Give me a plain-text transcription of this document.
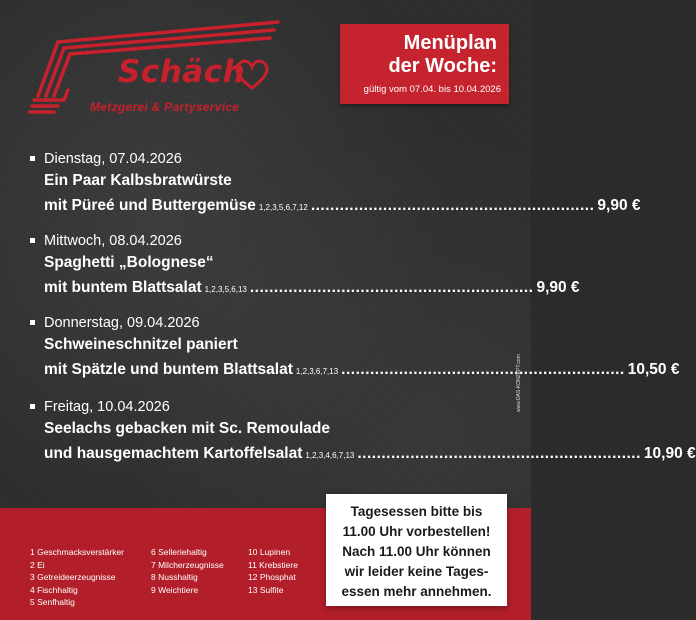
Schäch
Metzgerei & Partyservice
Menüplan
der Woche:
gültig vom 07.04. bis 10.04.2026
Dienstag, 07.04.2026
Ein Paar Kalbsbratwürste
mit Püreé und Buttergemüse 1,2,3,5,6,7,12 ........................................................... 9,90 €
Mittwoch, 08.04.2026
Spaghetti „Bolognese“
mit buntem Blattsalat 1,2,3,5,6,13 ........................................................... 9,90 €
Donnerstag, 09.04.2026
Schweineschnitzel paniert
mit Spätzle und buntem Blattsalat 1,2,3,6,7,13 ........................................................... 10,50 €
Freitag, 10.04.2026
Seelachs gebacken mit Sc. Remoulade
und hausgemachtem Kartoffelsalat 1,2,3,4,6,7,13 ........................................................... 10,90 €
www.DAS-KONZEPT.com
1 Geschmacksverstärker
2 Ei
3 Getreideerzeugnisse
4 Fischhaltig
5 Senfhaltig
6 Selleriehaltig
7 Milcherzeugnisse
8 Nusshaltig
9 Weichtiere
10 Lupinen
11 Krebstiere
12 Phosphat
13 Sulfite
Tagesessen bitte bis
11.00 Uhr vorbestellen!
Nach 11.00 Uhr können
wir leider keine Tages-
essen mehr annehmen.
